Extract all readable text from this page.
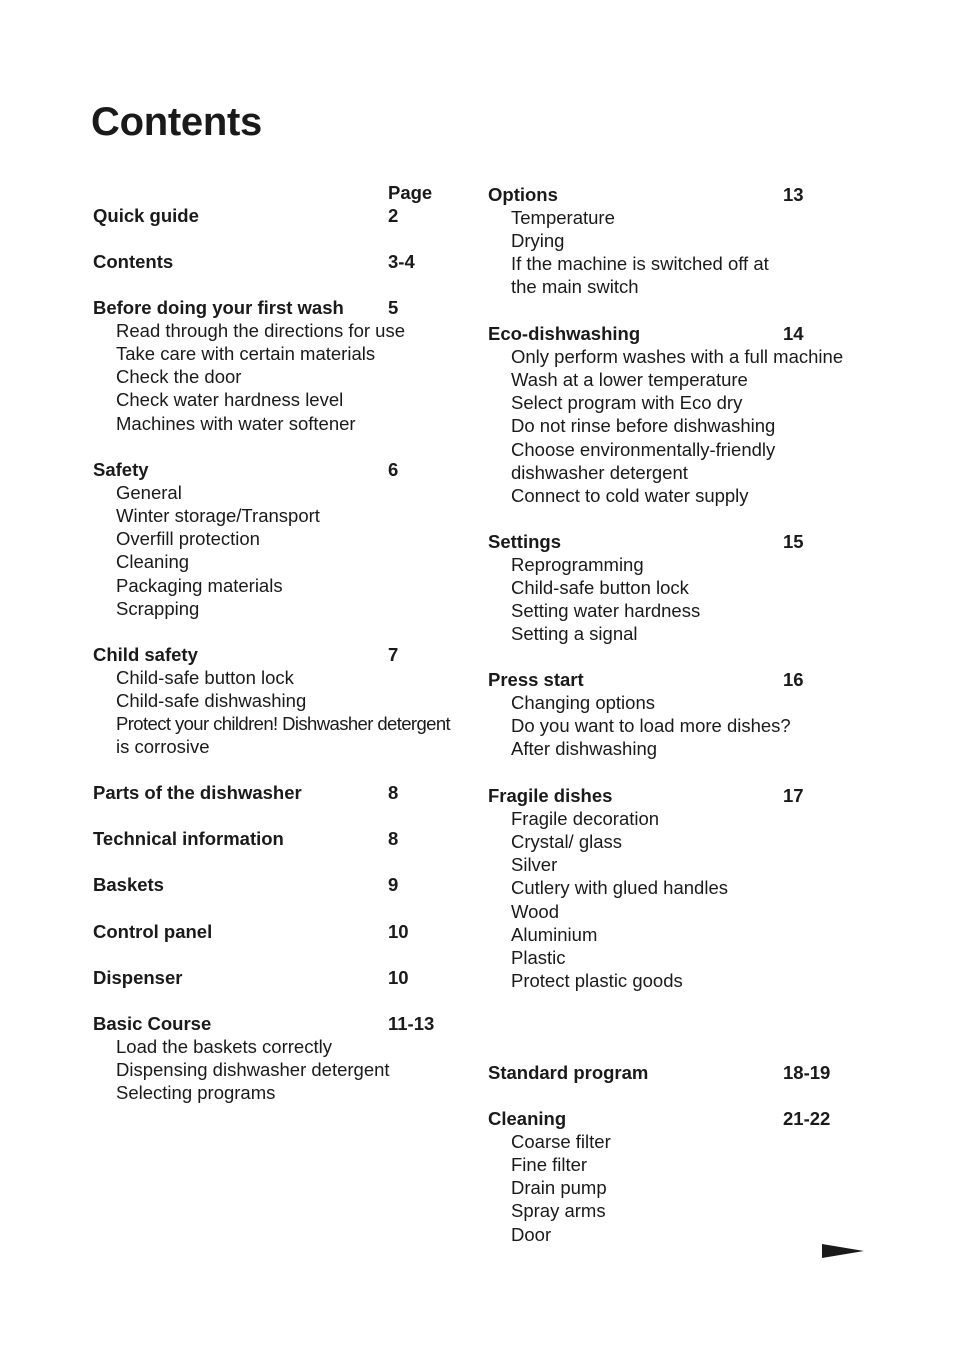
Contents
Page
Quick guide	2
Contents	3-4
Before doing your first wash 5
Read through the directions for use
Take care with certain materials
Check the door
Check water hardness level
Machines with water softener
Safety	6
General
Winter storage/Transport
Overfill protection
Cleaning
Packaging materials
Scrapping
Child safety	7
Child-safe button lock
Child-safe dishwashing
Protect your children! Dishwasher detergent
is corrosive
Parts of the dishwasher	8
Technical information	8
Baskets	9
Control panel	10
Dispenser	10
Basic Course	11-13
Load the baskets correctly
Dispensing dishwasher detergent
Selecting programs
Options	13
Temperature
Drying
If the machine is switched off at
the main switch
Eco-dishwashing	14
Only perform washes with a full machine
Wash at a lower temperature
Select program with Eco dry
Do not rinse before dishwashing
Choose environmentally-friendly
dishwasher detergent
Connect to cold water supply
Settings	15
Reprogramming
Child-safe button lock
Setting water hardness
Setting a signal
Press start	16
Changing options
Do you want to load more dishes?
After dishwashing
Fragile dishes	17
Fragile decoration
Crystal/ glass
Silver
Cutlery with glued handles
Wood
Aluminium
Plastic
Protect plastic goods
Standard program	18-19
Cleaning	21-22
Coarse filter
Fine filter
Drain pump
Spray arms
Door
